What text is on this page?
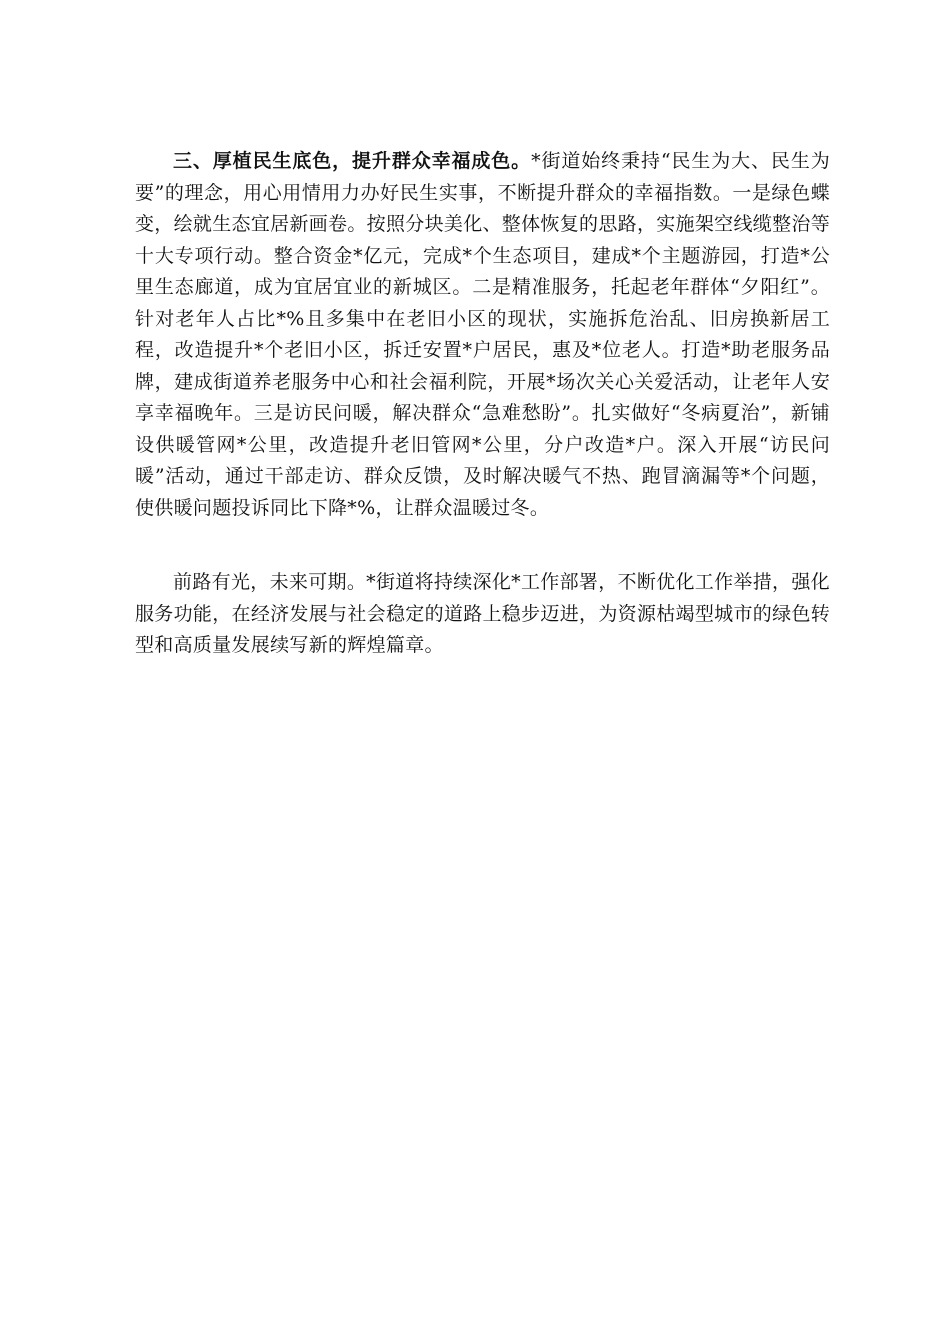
三、厚植民生底色，提升群众幸福成色。*街道始终秉持“民生为大、民生为要”的理念，用心用情用力办好民生实事，不断提升群众的幸福指数。一是绿色蝶变，绘就生态宜居新画卷。按照分块美化、整体恢复的思路，实施架空线缆整治等十大专项行动。整合资金*亿元，完成*个生态项目，建成*个主题游园，打造*公里生态廊道，成为宜居宜业的新城区。二是精准服务，托起老年群体“夕阳红”。针对老年人占比*%且多集中在老旧小区的现状，实施拆危治乱、旧房换新居工程，改造提升*个老旧小区，拆迁安置*户居民，惠及*位老人。打造*助老服务品牌，建成街道养老服务中心和社会福利院，开展*场次关心关爱活动，让老年人安享幸福晚年。三是访民问暖，解决群众“急难愁盼”。扎实做好“冬病夏治”，新铺设供暖管网*公里，改造提升老旧管网*公里，分户改造*户。深入开展“访民问暖”活动，通过干部走访、群众反馈，及时解决暖气不热、跑冒滴漏等*个问题，使供暖问题投诉同比下降*%，让群众温暖过冬。

前路有光，未来可期。*街道将持续深化*工作部署，不断优化工作举措，强化服务功能，在经济发展与社会稳定的道路上稳步迈进，为资源枯竭型城市的绿色转型和高质量发展续写新的辉煌篇章。
